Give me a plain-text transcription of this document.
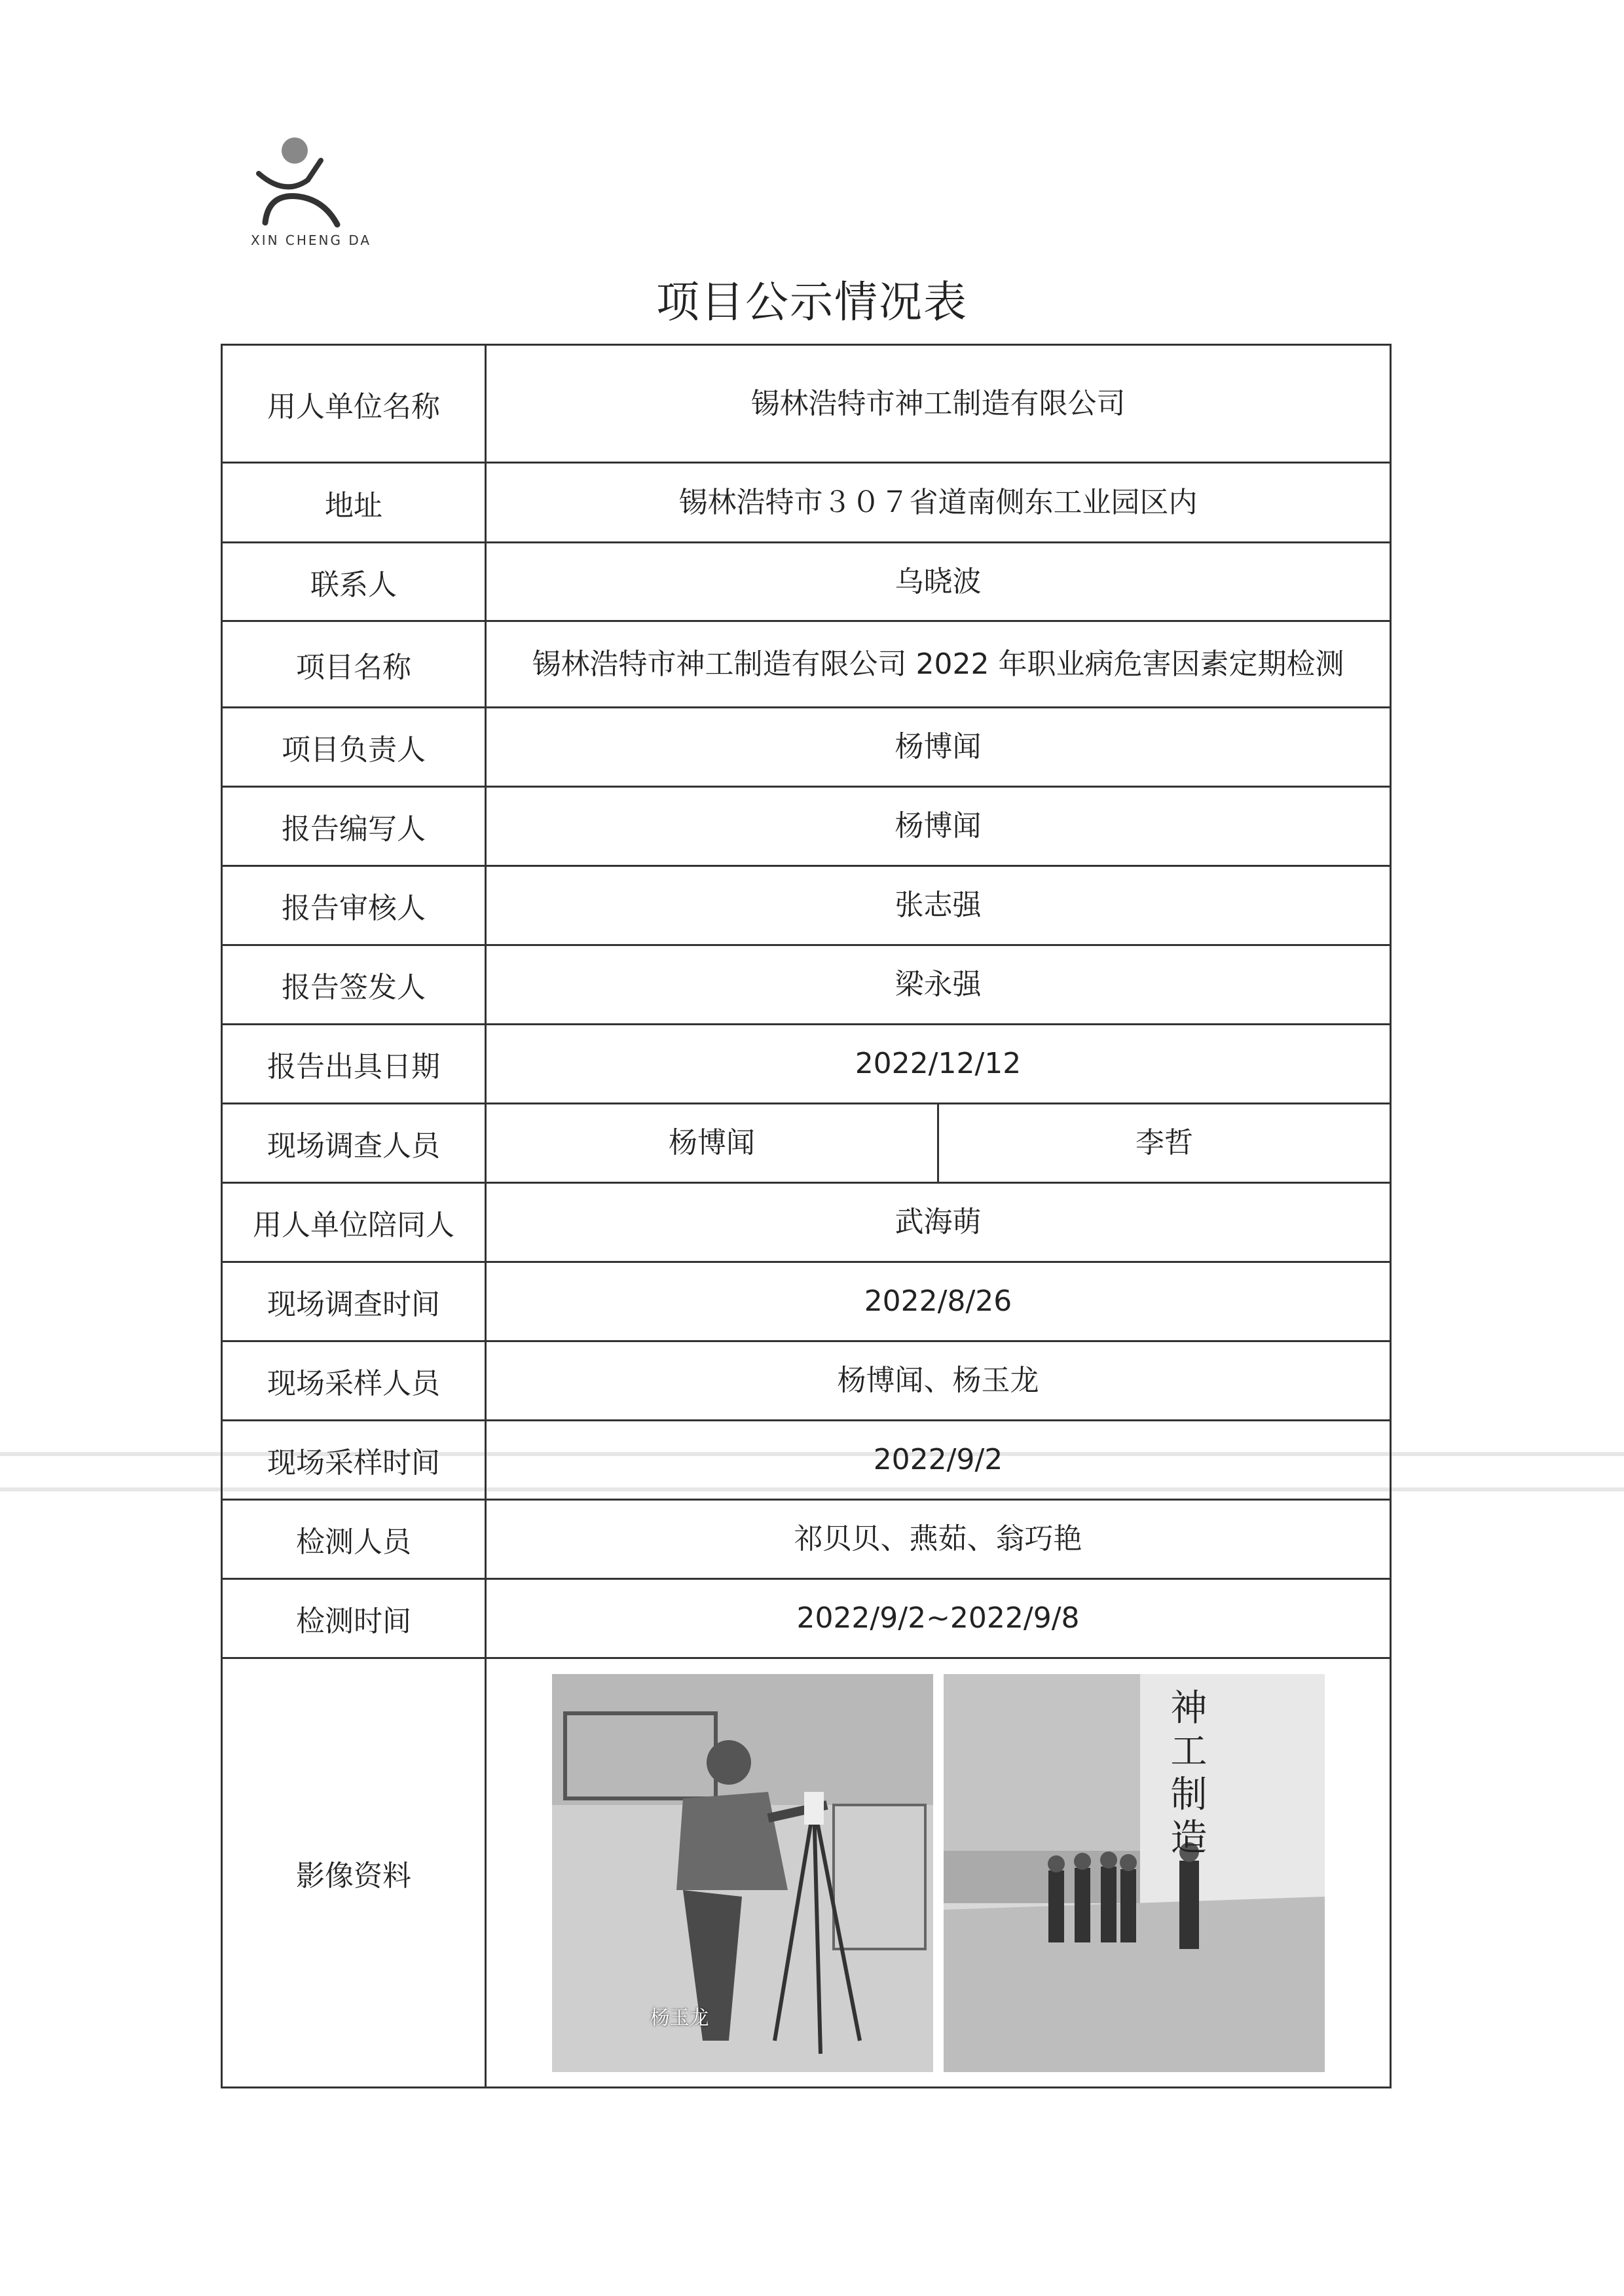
XIN CHENG DA
项目公示情况表
用人单位名称	锡林浩特市神工制造有限公司	
地址	锡林浩特市３０７省道南侧东工业园区内	
联系人	乌晓波	
项目名称	锡林浩特市神工制造有限公司 2022 年职业病危害因素定期检测	
项目负责人	杨博闻	
报告编写人	杨博闻	
报告审核人	张志强	
报告签发人	梁永强	
报告出具日期	2022/12/12	
现场调查人员	杨博闻	李哲
用人单位陪同人	武海萌	
现场调查时间	2022/8/26	
现场采样人员	杨博闻、杨玉龙	
现场采样时间	2022/9/2	
检测人员	祁贝贝、燕茹、翁巧艳	
检测时间	2022/9/2~2022/9/8	
影像资料	杨玉龙
神工制造	
